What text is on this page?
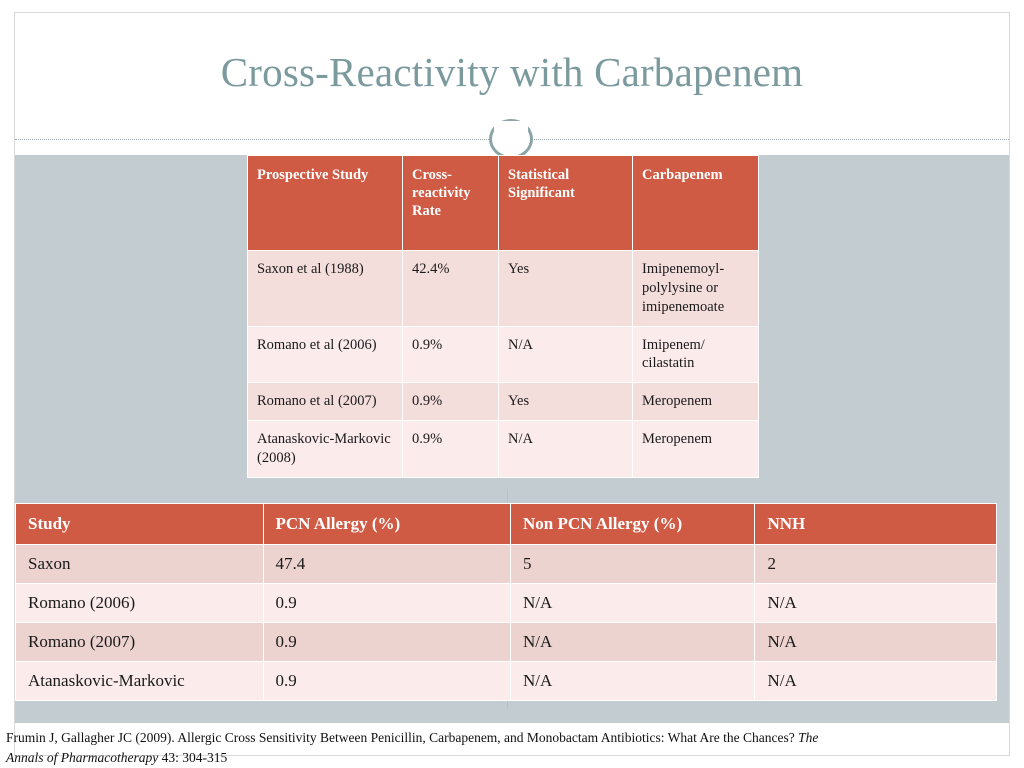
Cross-Reactivity with Carbapenem
Prospective Study	Cross-reactivity Rate	Statistical Significant	Carbapenem
Saxon et al (1988)	42.4%	Yes	Imipenemoyl-polylysine or imipenemoate
Romano et al (2006)	0.9%	N/A	Imipenem/ cilastatin
Romano et al (2007)	0.9%	Yes	Meropenem
Atanaskovic-Markovic (2008)	0.9%	N/A	Meropenem
Study	PCN Allergy (%)	Non PCN Allergy (%)	NNH
Saxon	47.4	5	2
Romano (2006)	0.9	N/A	N/A
Romano (2007)	0.9	N/A	N/A
Atanaskovic-Markovic	0.9	N/A	N/A
Frumin J, Gallagher JC (2009). Allergic Cross Sensitivity Between Penicillin, Carbapenem, and Monobactam Antibiotics: What Are the Chances? The
Annals of Pharmacotherapy 43: 304-315
